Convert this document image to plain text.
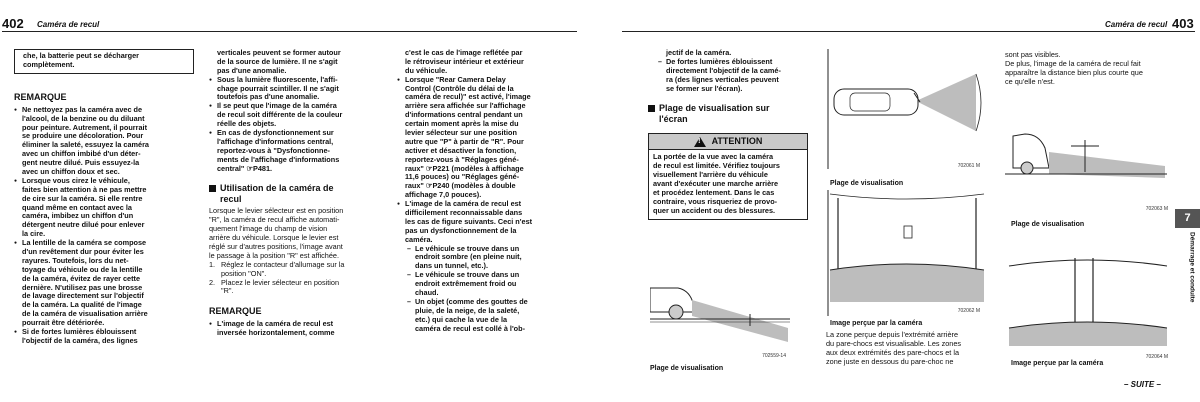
402 Caméra de recul	Caméra de recul 403
che, la batterie peut se décharger
complètement.
REMARQUE
● Ne nettoyez pas la caméra avec de
l'alcool, de la benzine ou du diluant
pour peinture. Autrement, il pourrait
se produire une décoloration. Pour
éliminer la saleté, essuyez la caméra
avec un chiffon imbibé d'un déter-
gent neutre dilué. Puis essuyez-la
avec un chiffon doux et sec.
● Lorsque vous cirez le véhicule,
faites bien attention à ne pas mettre
de cire sur la caméra. Si elle rentre
quand même en contact avec la
caméra, imbibez un chiffon d'un
détergent neutre dilué pour enlever
la cire.
● La lentille de la caméra se compose
d'un revêtement dur pour éviter les
rayures. Toutefois, lors du net-
toyage du véhicule ou de la lentille
de la caméra, évitez de rayer cette
dernière. N'utilisez pas une brosse
de lavage directement sur l'objectif
de la caméra. La qualité de l'image
de la caméra de visualisation arrière
pourrait être détériorée.
● Si de fortes lumières éblouissent
l'objectif de la caméra, des lignes
verticales peuvent se former autour
de la source de lumière. Il ne s'agit
pas d'une anomalie.
● Sous la lumière fluorescente, l'affi-
chage pourrait scintiller. Il ne s'agit
toutefois pas d'une anomalie.
● Il se peut que l'image de la caméra
de recul soit différente de la couleur
réelle des objets.
● En cas de dysfonctionnement sur
l'affichage d'informations central,
reportez-vous à "Dysfonctionne-
ments de l'affichage d'informations
central" ☞P481.
Utilisation de la caméra de
recul
Lorsque le levier sélecteur est en position
"R", la caméra de recul affiche automati-
quement l'image du champ de vision
arrière du véhicule. Lorsque le levier est
réglé sur d'autres positions, l'image avant
le passage à la position "R" est affichée.
1. Réglez le contacteur d'allumage sur la
position "ON".
2. Placez le levier sélecteur en position
"R".
REMARQUE
● L'image de la caméra de recul est
inversée horizontalement, comme
c'est le cas de l'image reflétée par
le rétroviseur intérieur et extérieur
du véhicule.
● Lorsque "Rear Camera Delay
Control (Contrôle du délai de la
caméra de recul)" est activé, l'image
arrière sera affichée sur l'affichage
d'informations central pendant un
certain moment après la mise du
levier sélecteur sur une position
autre que "P" à partir de "R". Pour
activer et désactiver la fonction,
reportez-vous à "Réglages géné-
raux" ☞P221 (modèles à affichage
11,6 pouces) ou "Réglages géné-
raux" ☞P240 (modèles à double
affichage 7,0 pouces).
● L'image de la caméra de recul est
difficilement reconnaissable dans
les cas de figure suivants. Ceci n'est
pas un dysfonctionnement de la
caméra.
– Le véhicule se trouve dans un
endroit sombre (en pleine nuit,
dans un tunnel, etc.).
– Le véhicule se trouve dans un
endroit extrêmement froid ou
chaud.
– Un objet (comme des gouttes de
pluie, de la neige, de la saleté,
etc.) qui cache la vue de la
caméra de recul est collé à l'ob-
702559-14
Plage de visualisation
jectif de la caméra.
– De fortes lumières éblouissent
directement l'objectif de la camé-
ra (des lignes verticales peuvent
se former sur l'écran).
Plage de visualisation sur
l'écran
! ATTENTION
La portée de la vue avec la caméra
de recul est limitée. Vérifiez toujours
visuellement l'arrière du véhicule
avant d'exécuter une marche arrière
et procédez lentement. Dans le cas
contraire, vous risqueriez de provo-
quer un accident ou des blessures.
702061 M
Plage de visualisation
702062 M
Image perçue par la caméra
La zone perçue depuis l'extrémité arrière
du pare-chocs est visualisable. Les zones
aux deux extrémités des pare-chocs et la
zone juste en dessous du pare-choc ne
sont pas visibles.
De plus, l'image de la caméra de recul fait
apparaître la distance bien plus courte que
ce qu'elle n'est.
702063 M
Plage de visualisation
702064 M
Image perçue par la caméra
7
Démarrage et conduite
– SUITE –
